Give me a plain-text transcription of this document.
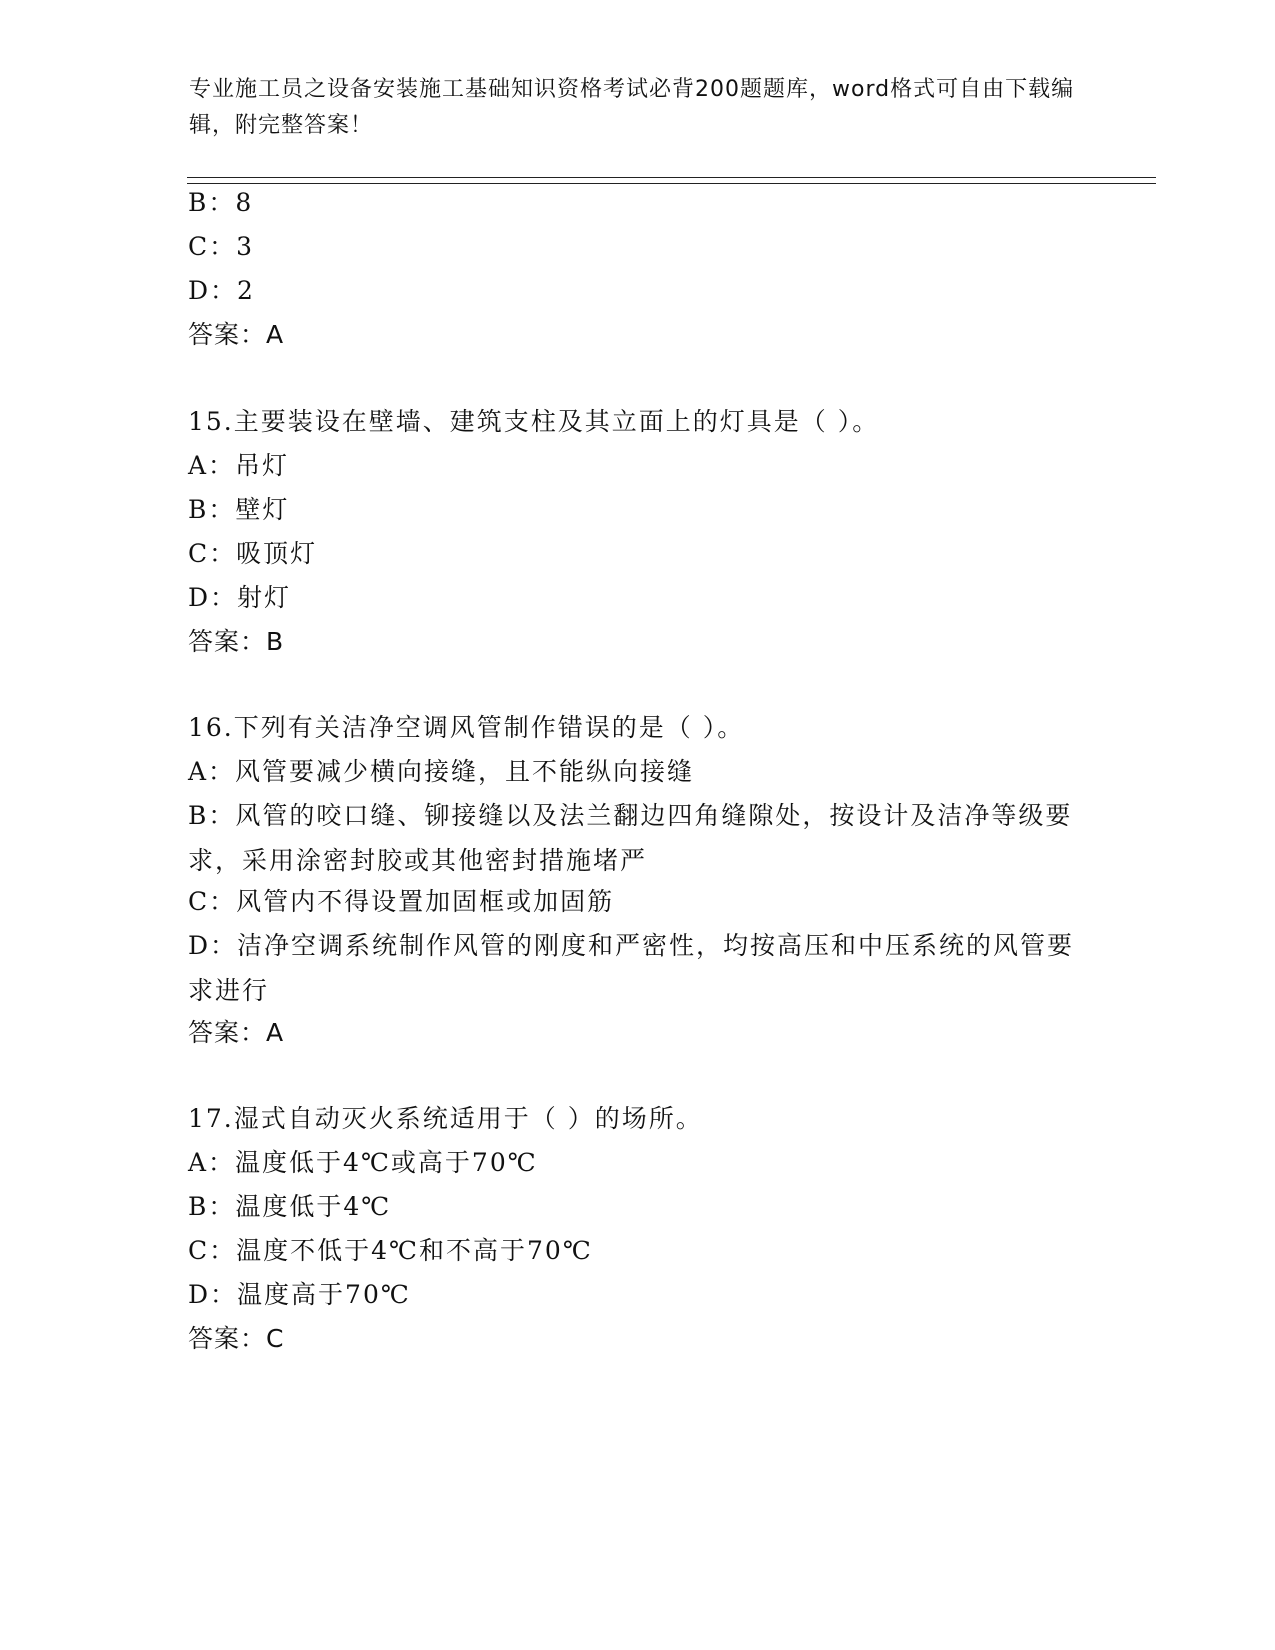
专业施工员之设备安装施工基础知识资格考试必背200题题库，word格式可自由下载编辑，附完整答案！
B：8
C：3
D：2
答案：A
15.主要装设在壁墙、建筑支柱及其立面上的灯具是（ ）。
A：吊灯
B：壁灯
C：吸顶灯
D：射灯
答案：B
16.下列有关洁净空调风管制作错误的是（ ）。
A：风管要减少横向接缝，且不能纵向接缝
B：风管的咬口缝、铆接缝以及法兰翻边四角缝隙处，按设计及洁净等级要求，采用涂密封胶或其他密封措施堵严
C：风管内不得设置加固框或加固筋
D：洁净空调系统制作风管的刚度和严密性，均按高压和中压系统的风管要求进行
答案：A
17.湿式自动灭火系统适用于（ ）的场所。
A：温度低于4℃或高于70℃
B：温度低于4℃
C：温度不低于4℃和不高于70℃
D：温度高于70℃
答案：C
